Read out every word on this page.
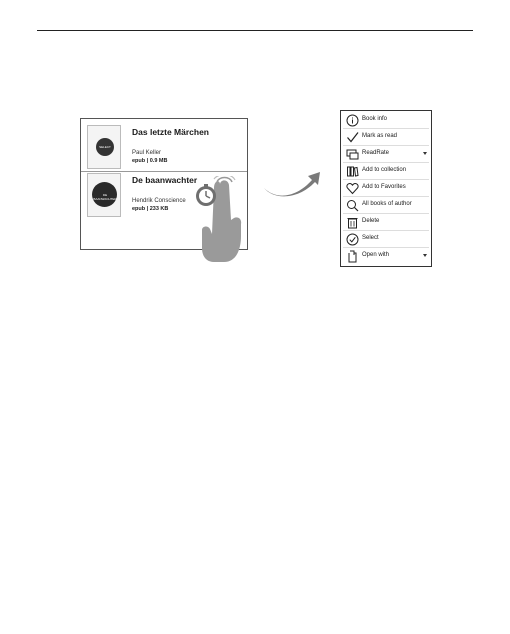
SELECT
Das letzte Märchen
Paul Keller
epub | 0.9 MB
DE BAANWACHTER
De baanwachter
Hendrik Conscience
epub | 233 KB
Book info
Mark as read
ReadRate
Add to collection
Add to Favorites
All books of author
Delete
Select
Open with
